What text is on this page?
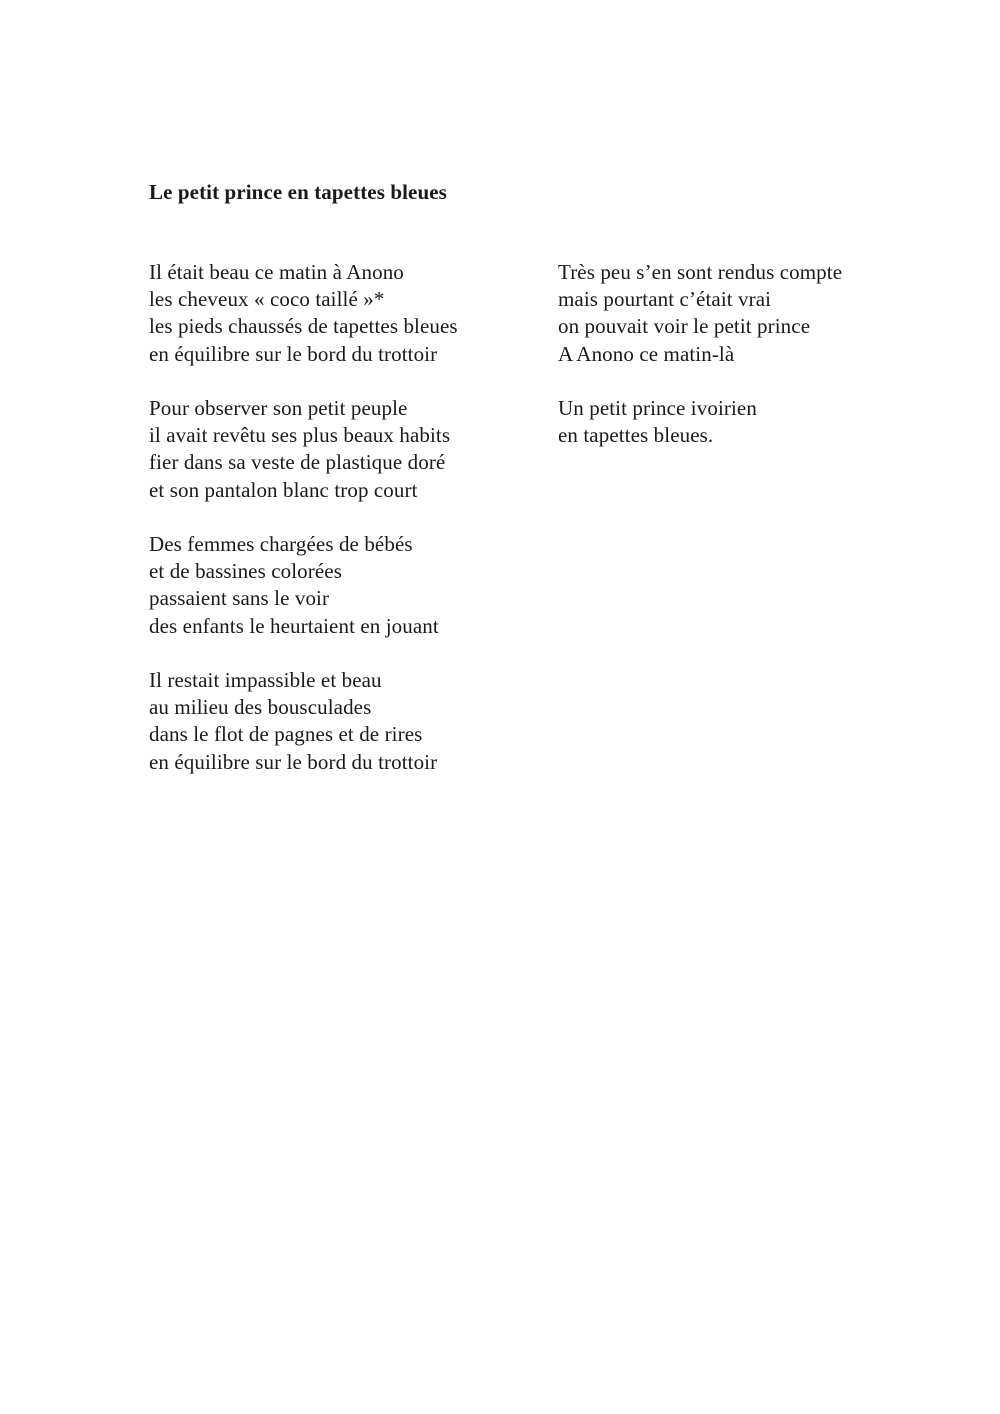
Le petit prince en tapettes bleues

Il était beau ce matin à Anono
les cheveux « coco taillé »*
les pieds chaussés de tapettes bleues
en équilibre sur le bord du trottoir

Pour observer son petit peuple
il avait revêtu ses plus beaux habits
fier dans sa veste de plastique doré
et son pantalon blanc trop court

Des femmes chargées de bébés
et de bassines colorées
passaient sans le voir
des enfants le heurtaient en jouant

Il restait impassible et beau
au milieu des bousculades
dans le flot de pagnes et de rires
en équilibre sur le bord du trottoir

Très peu s’en sont rendus compte
mais pourtant c’était vrai
on pouvait voir le petit prince
A Anono ce matin-là

Un petit prince ivoirien
en tapettes bleues.
